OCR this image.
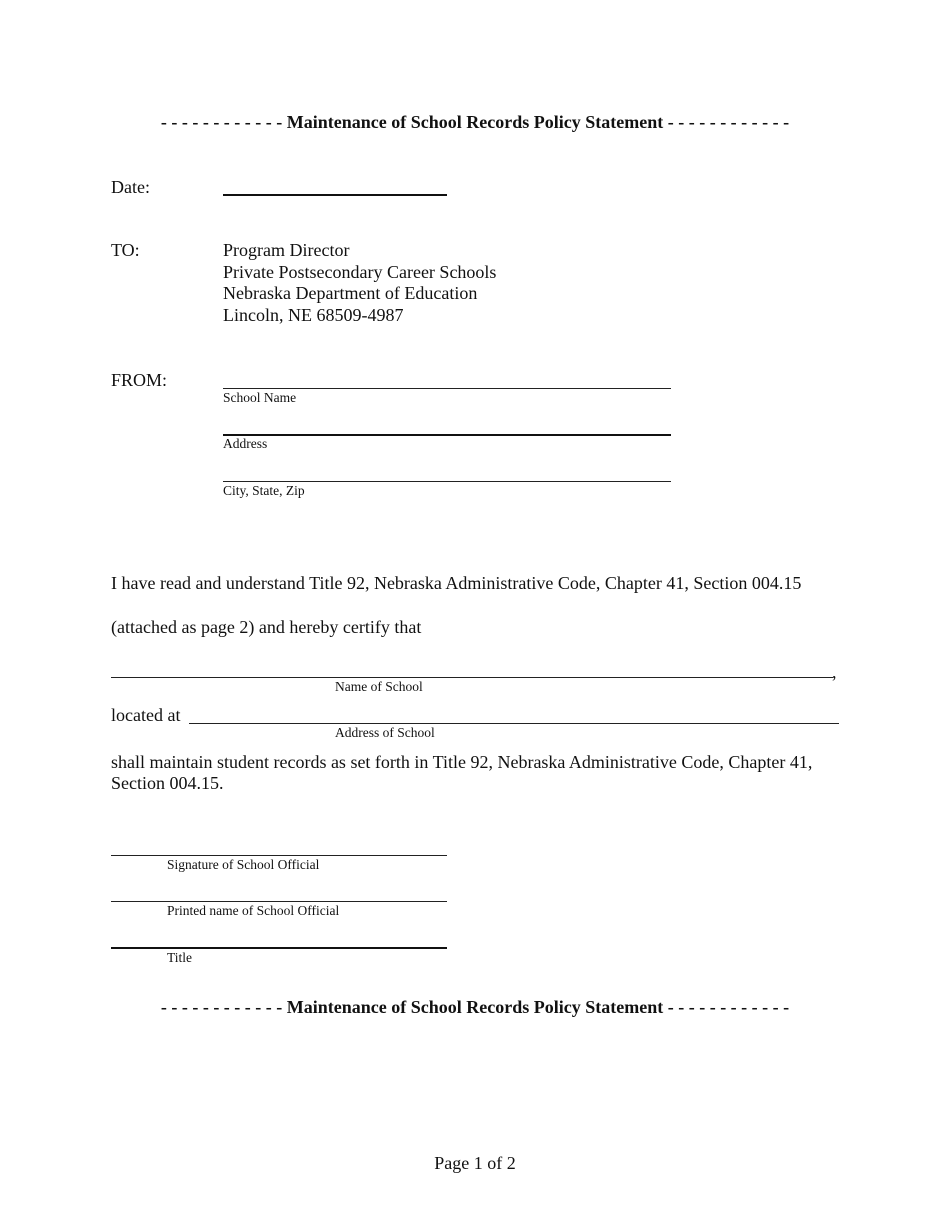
- - - - - - - - - - - - Maintenance of School Records Policy Statement - - - - - - - - - - - -
Date:
TO:	Program Director
Private Postsecondary Career Schools
Nebraska Department of Education
Lincoln, NE 68509-4987
FROM:
School Name
Address
City, State, Zip
I have read and understand Title 92, Nebraska Administrative Code, Chapter 41, Section 004.15
(attached as page 2) and hereby certify that
,
Name of School
located at
Address of School
shall maintain student records as set forth in Title 92, Nebraska Administrative Code, Chapter 41, Section 004.15.
Signature of School Official
Printed name of School Official
Title
- - - - - - - - - - - - Maintenance of School Records Policy Statement - - - - - - - - - - - -
Page 1 of 2
